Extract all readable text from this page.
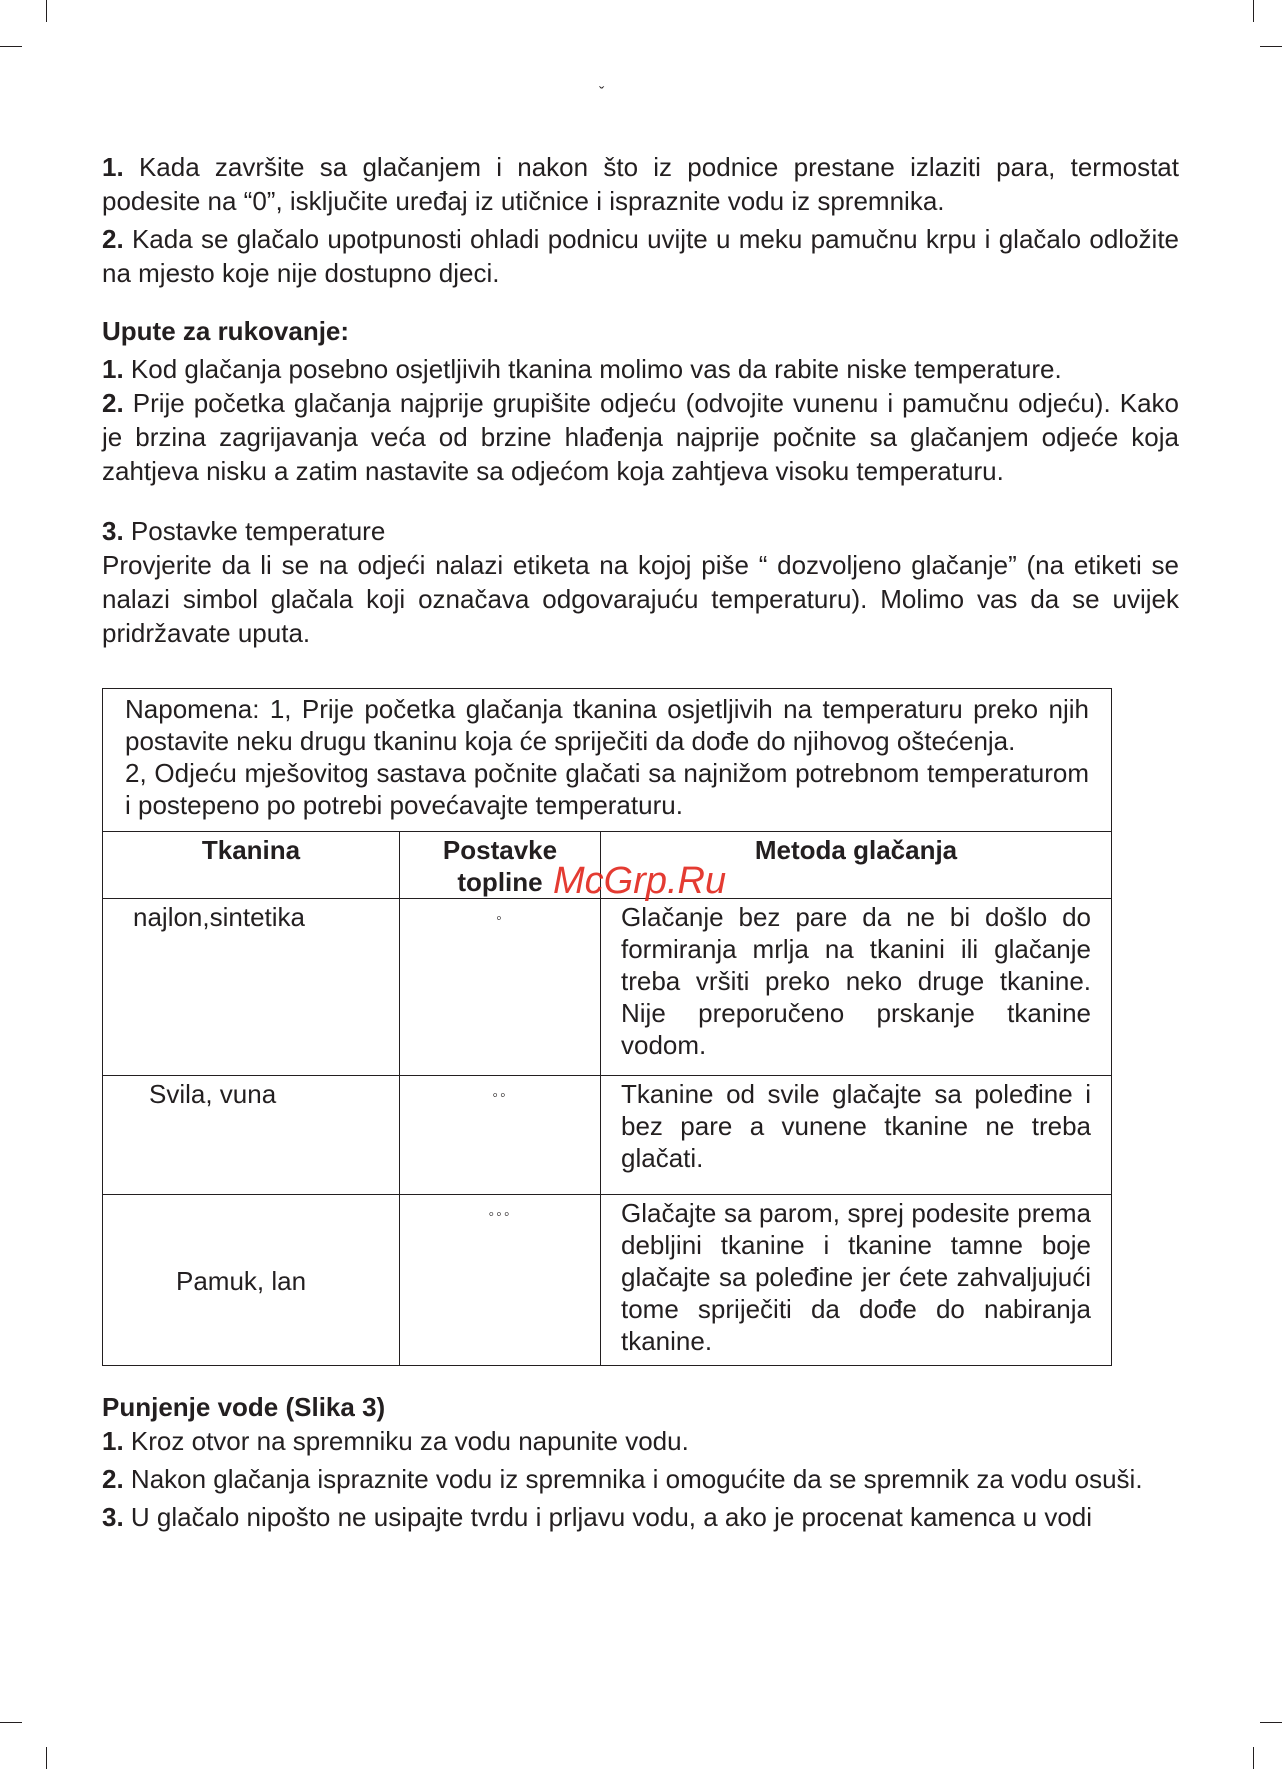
ˇ

1. Kada završite sa glačanjem i nakon što iz podnice prestane izlaziti para, termostat podesite na “0”, isključite uređaj iz utičnice i ispraznite vodu iz spremnika.

2. Kada se glačalo upotpunosti ohladi podnicu uvijte u meku pamučnu krpu i glačalo odložite na mjesto koje nije dostupno djeci.

Upute za rukovanje:

1. Kod glačanja posebno osjetljivih tkanina molimo vas da rabite niske temperature.

2. Prije početka glačanja najprije grupišite odjeću (odvojite vunenu i pamučnu odjeću). Kako je brzina zagrijavanja veća od brzine hlađenja najprije počnite sa glačanjem odjeće koja zahtjeva nisku a zatim nastavite sa odjećom koja zahtjeva visoku temperaturu.

3. Postavke temperature

Provjerite da li se na odjeći nalazi etiketa na kojoj piše “ dozvoljeno glačanje” (na etiketi se nalazi simbol glačala koji označava odgovarajuću temperaturu). Molimo vas da se uvijek pridržavate uputa.

Napomena: 1, Prije početka glačanja tkanina osjetljivih na temperaturu preko njih postavite neku drugu tkaninu koja će spriječiti da dođe do njihovog oštećenja.

2, Odjeću mješovitog sastava počnite glačati sa najnižom potrebnom temperaturom i postepeno po potrebi povećavajte temperaturu.		

Tkanina	Postavke topline	Metoda glačanja
najlon,sintetika	◦	Glačanje bez pare da ne bi došlo do formiranja mrlja na tkanini ili glačanje treba vršiti preko neko druge tkanine. Nije preporučeno prskanje tkanine vodom.
Svila, vuna	◦◦	Tkanine od svile glačajte sa poleđine i bez pare a vunene tkanine ne treba glačati.
Pamuk, lan	◦◦◦	Glačajte sa parom, sprej podesite prema debljini tkanine i tkanine tamne boje glačajte sa poleđine jer ćete zahvaljujući tome spriječiti da dođe do nabiranja tkanine.

Punjenje vode (Slika 3)

1. Kroz otvor na spremniku za vodu napunite vodu.

2. Nakon glačanja ispraznite vodu iz spremnika i omogućite da se spremnik za vodu osuši.

3. U glačalo nipošto ne usipajte tvrdu i prljavu vodu, a ako je procenat kamenca u vodi

McGrp.Ru
